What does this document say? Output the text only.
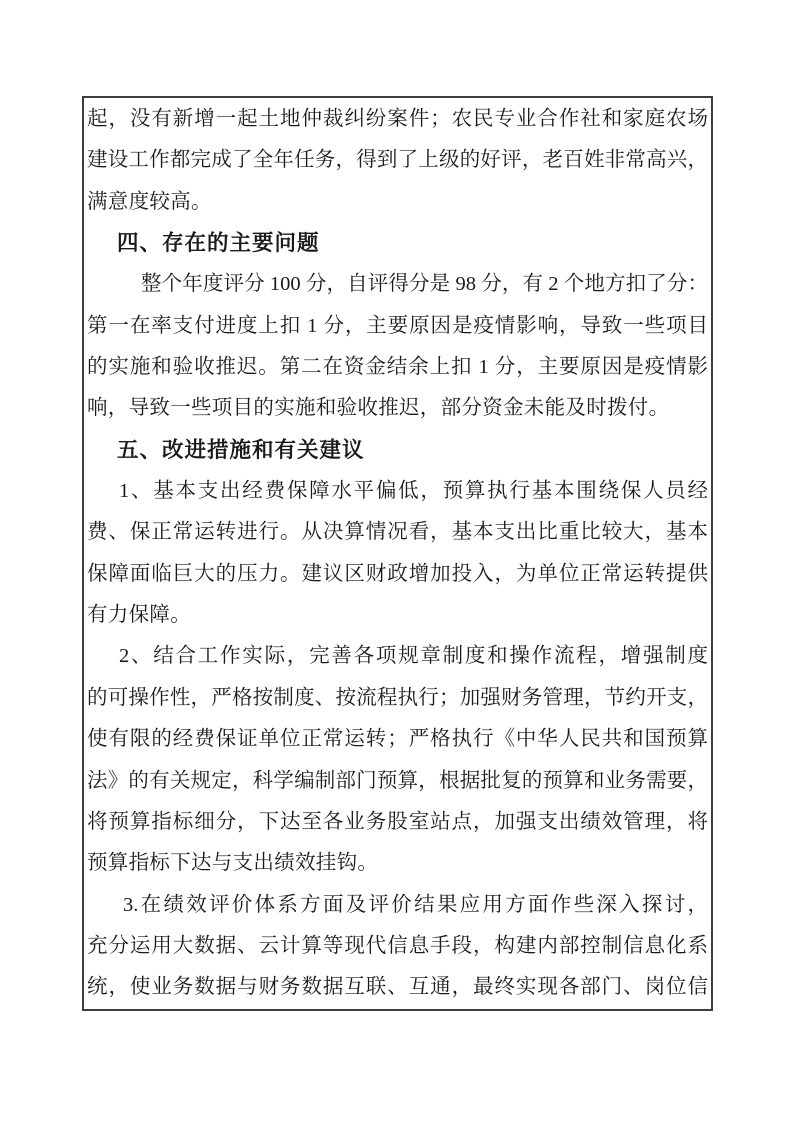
起，没有新增一起土地仲裁纠纷案件；农民专业合作社和家庭农场
建设工作都完成了全年任务，得到了上级的好评，老百姓非常高兴，
满意度较高。
四、存在的主要问题
整个年度评分 100 分，自评得分是 98 分，有 2 个地方扣了分：
第一在率支付进度上扣 1 分，主要原因是疫情影响，导致一些项目
的实施和验收推迟。第二在资金结余上扣 1 分，主要原因是疫情影
响，导致一些项目的实施和验收推迟，部分资金未能及时拨付。
五、改进措施和有关建议
1、基本支出经费保障水平偏低，预算执行基本围绕保人员经
费、保正常运转进行。从决算情况看，基本支出比重比较大，基本
保障面临巨大的压力。建议区财政增加投入，为单位正常运转提供
有力保障。
2、结合工作实际，完善各项规章制度和操作流程，增强制度
的可操作性，严格按制度、按流程执行；加强财务管理，节约开支，
使有限的经费保证单位正常运转；严格执行《中华人民共和国预算
法》的有关规定，科学编制部门预算，根据批复的预算和业务需要，
将预算指标细分，下达至各业务股室站点，加强支出绩效管理，将
预算指标下达与支出绩效挂钩。
3.在绩效评价体系方面及评价结果应用方面作些深入探讨，
充分运用大数据、云计算等现代信息手段，构建内部控制信息化系
统，使业务数据与财务数据互联、互通，最终实现各部门、岗位信
